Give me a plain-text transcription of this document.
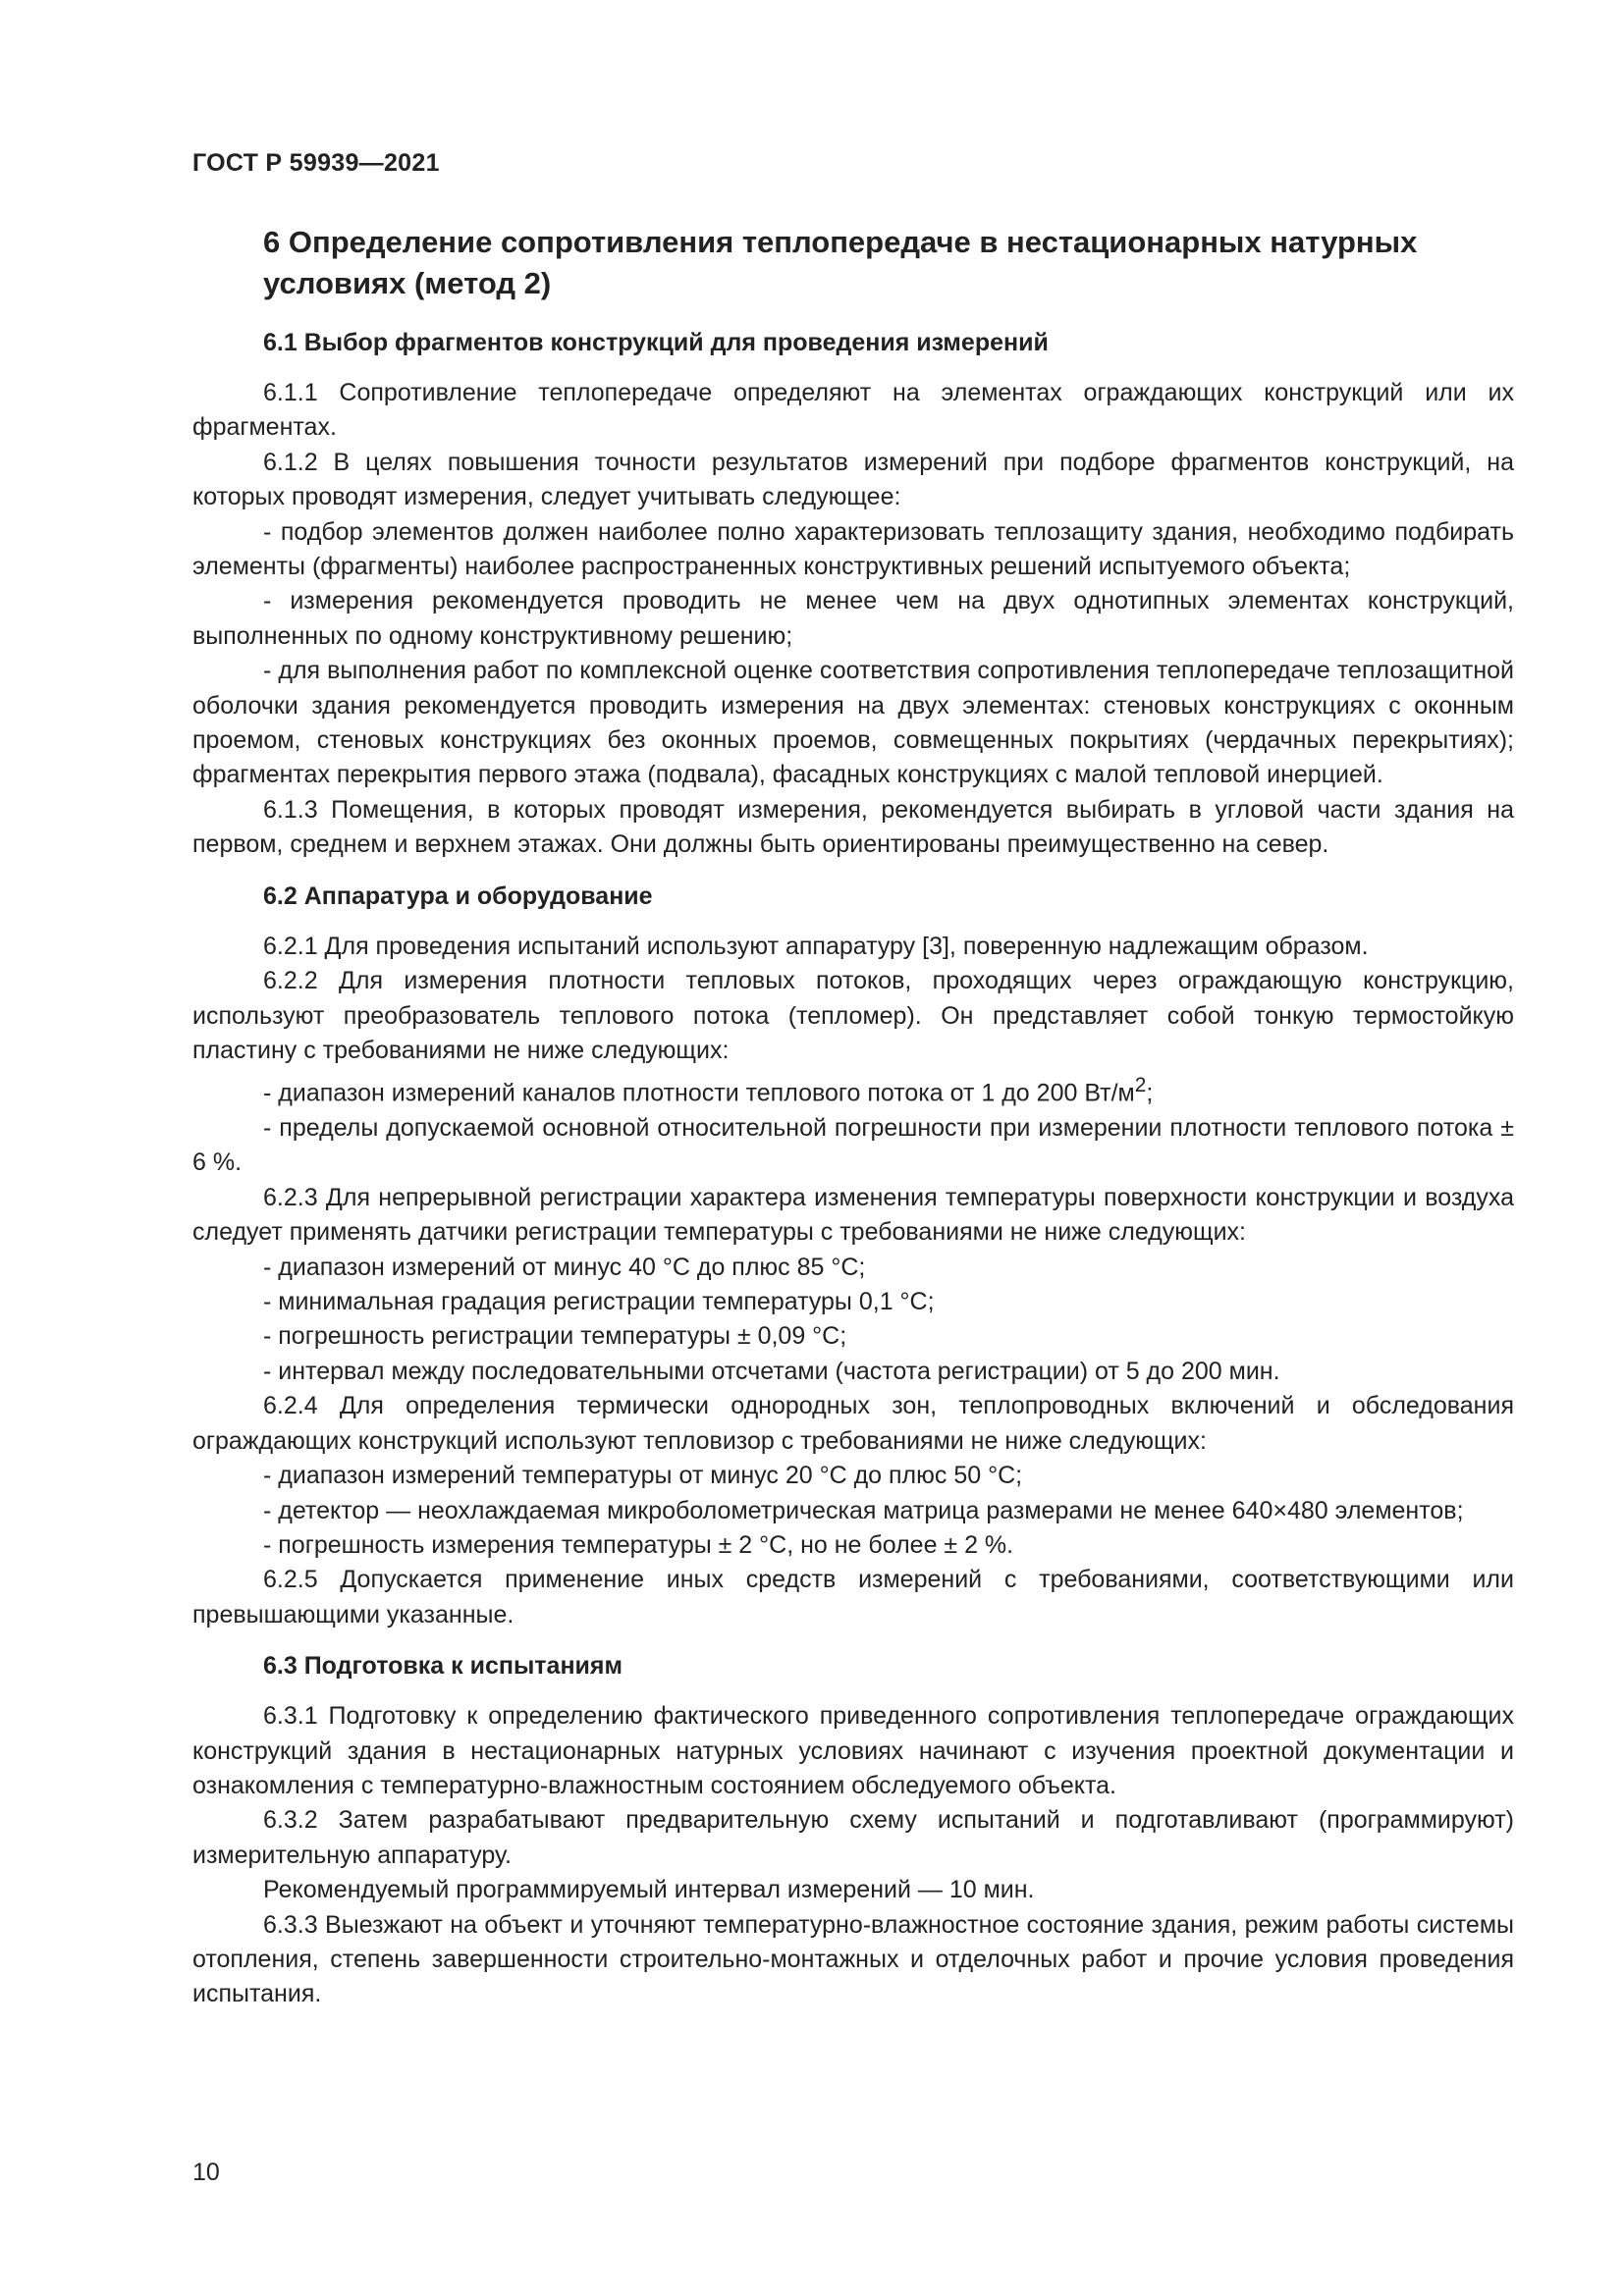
ГОСТ Р 59939—2021
6 Определение сопротивления теплопередаче в нестационарных натурных условиях (метод 2)
6.1 Выбор фрагментов конструкций для проведения измерений

6.1.1 Сопротивление теплопередаче определяют на элементах ограждающих конструкций или их фрагментах.

6.1.2 В целях повышения точности результатов измерений при подборе фрагментов конструкций, на которых проводят измерения, следует учитывать следующее:

- подбор элементов должен наиболее полно характеризовать теплозащиту здания, необходимо подбирать элементы (фрагменты) наиболее распространенных конструктивных решений испытуемого объекта;

- измерения рекомендуется проводить не менее чем на двух однотипных элементах конструкций, выполненных по одному конструктивному решению;

- для выполнения работ по комплексной оценке соответствия сопротивления теплопередаче теплозащитной оболочки здания рекомендуется проводить измерения на двух элементах: стеновых конструкциях с оконным проемом, стеновых конструкциях без оконных проемов, совмещенных покрытиях (чердачных перекрытиях); фрагментах перекрытия первого этажа (подвала), фасадных конструкциях с малой тепловой инерцией.

6.1.3 Помещения, в которых проводят измерения, рекомендуется выбирать в угловой части здания на первом, среднем и верхнем этажах. Они должны быть ориентированы преимущественно на север.

6.2 Аппаратура и оборудование

6.2.1 Для проведения испытаний используют аппаратуру [3], поверенную надлежащим образом.

6.2.2 Для измерения плотности тепловых потоков, проходящих через ограждающую конструкцию, используют преобразователь теплового потока (тепломер). Он представляет собой тонкую термостойкую пластину с требованиями не ниже следующих:

- диапазон измерений каналов плотности теплового потока от 1 до 200 $Вт/м^2$;

- пределы допускаемой основной относительной погрешности при измерении плотности теплового потока ± 6 %.

6.2.3 Для непрерывной регистрации характера изменения температуры поверхности конструкции и воздуха следует применять датчики регистрации температуры с требованиями не ниже следующих:

- диапазон измерений от минус 40 °С до плюс 85 °С;

- минимальная градация регистрации температуры 0,1 °С;

- погрешность регистрации температуры ± 0,09 °С;

- интервал между последовательными отсчетами (частота регистрации) от 5 до 200 мин.

6.2.4 Для определения термически однородных зон, теплопроводных включений и обследования ограждающих конструкций используют тепловизор с требованиями не ниже следующих:

- диапазон измерений температуры от минус 20 °С до плюс 50 °С;

- детектор — неохлаждаемая микроболометрическая матрица размерами не менее 640×480 элементов;

- погрешность измерения температуры ± 2 °С, но не более ± 2 %.

6.2.5 Допускается применение иных средств измерений с требованиями, соответствующими или превышающими указанные.

6.3 Подготовка к испытаниям

6.3.1 Подготовку к определению фактического приведенного сопротивления теплопередаче ограждающих конструкций здания в нестационарных натурных условиях начинают с изучения проектной документации и ознакомления с температурно-влажностным состоянием обследуемого объекта.

6.3.2 Затем разрабатывают предварительную схему испытаний и подготавливают (программируют) измерительную аппаратуру.

Рекомендуемый программируемый интервал измерений — 10 мин.

6.3.3 Выезжают на объект и уточняют температурно-влажностное состояние здания, режим работы системы отопления, степень завершенности строительно-монтажных и отделочных работ и прочие условия проведения испытания.

10
